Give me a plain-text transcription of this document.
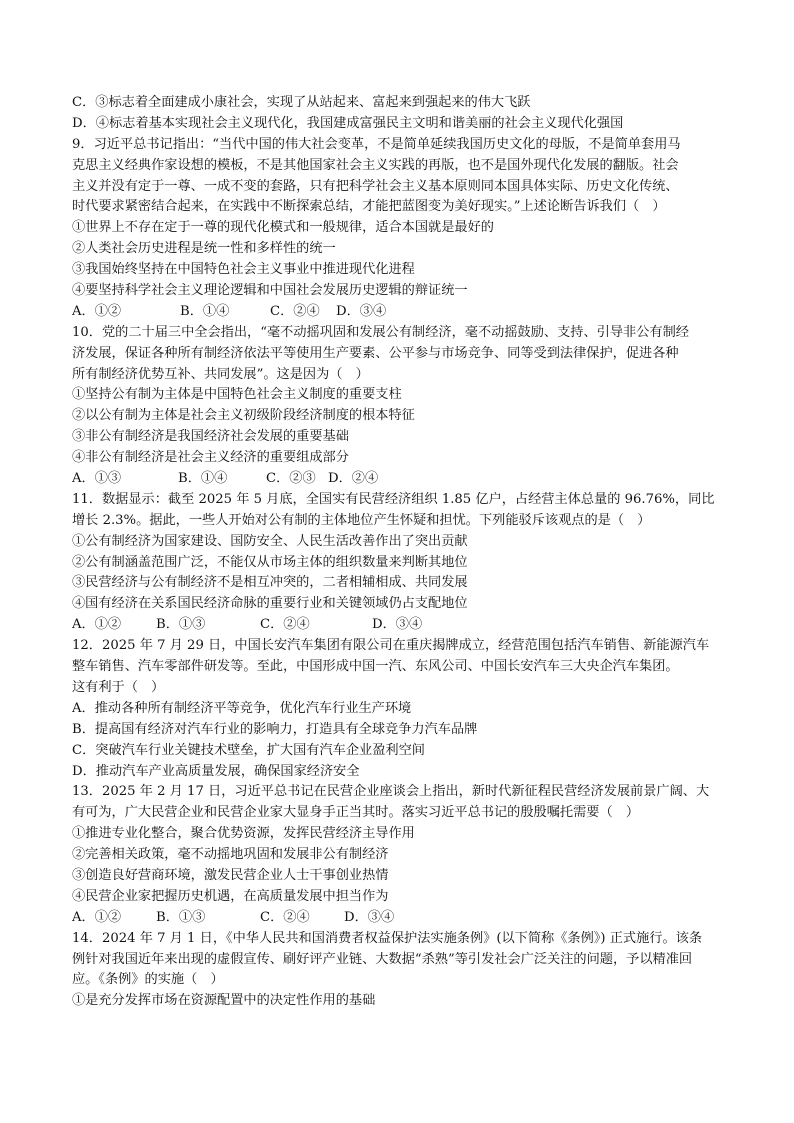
C．③标志着全面建成小康社会，实现了从站起来、富起来到强起来的伟大飞跃
D．④标志着基本实现社会主义现代化，我国建成富强民主文明和谐美丽的社会主义现代化强国
9．习近平总书记指出：“当代中国的伟大社会变革，不是简单延续我国历史文化的母版，不是简单套用马
克思主义经典作家设想的模板，不是其他国家社会主义实践的再版，也不是国外现代化发展的翻版。社会
主义并没有定于一尊、一成不变的套路，只有把科学社会主义基本原则同本国具体实际、历史文化传统、
时代要求紧密结合起来，在实践中不断探索总结，才能把蓝图变为美好现实。”上述论断告诉我们（　）
①世界上不存在定于一尊的现代化模式和一般规律，适合本国就是最好的
②人类社会历史进程是统一性和多样性的统一
③我国始终坚持在中国特色社会主义事业中推进现代化进程
④要坚持科学社会主义理论逻辑和中国社会发展历史逻辑的辩证统一
A．①②	B．①④	C．②④ D．③④
10．党的二十届三中全会指出，“毫不动摇巩固和发展公有制经济，毫不动摇鼓励、支持、引导非公有制经
济发展，保证各种所有制经济依法平等使用生产要素、公平参与市场竞争、同等受到法律保护，促进各种
所有制经济优势互补、共同发展”。这是因为（　）
①坚持公有制为主体是中国特色社会主义制度的重要支柱
②以公有制为主体是社会主义初级阶段经济制度的根本特征
③非公有制经济是我国经济社会发展的重要基础
④非公有制经济是社会主义经济的重要组成部分
A．①③	B．①④	C．②③ D．②④
11．数据显示：截至 2025 年 5 月底，全国实有民营经济组织 1.85 亿户，占经营主体总量的 96.76%，同比
增长 2.3%。据此，一些人开始对公有制的主体地位产生怀疑和担忧。下列能驳斥该观点的是（　）
①公有制经济为国家建设、国防安全、人民生活改善作出了突出贡献
②公有制涵盖范围广泛，不能仅从市场主体的组织数量来判断其地位
③民营经济与公有制经济不是相互冲突的，二者相辅相成、共同发展
④国有经济在关系国民经济命脉的重要行业和关键领域仍占支配地位
A．①②	B．①③	C．②④	D．③④
12．2025 年 7 月 29 日，中国长安汽车集团有限公司在重庆揭牌成立，经营范围包括汽车销售、新能源汽车
整车销售、汽车零部件研发等。至此，中国形成中国一汽、东风公司、中国长安汽车三大央企汽车集团。
这有利于（　）
A．推动各种所有制经济平等竞争，优化汽车行业生产环境
B．提高国有经济对汽车行业的影响力，打造具有全球竞争力汽车品牌
C．突破汽车行业关键技术壁垒，扩大国有汽车企业盈利空间
D．推动汽车产业高质量发展，确保国家经济安全
13．2025 年 2 月 17 日，习近平总书记在民营企业座谈会上指出，新时代新征程民营经济发展前景广阔、大
有可为，广大民营企业和民营企业家大显身手正当其时。落实习近平总书记的殷殷嘱托需要（　）
①推进专业化整合，聚合优势资源，发挥民营经济主导作用
②完善相关政策，毫不动摇地巩固和发展非公有制经济
③创造良好营商环境，激发民营企业人士干事创业热情
④民营企业家把握历史机遇，在高质量发展中担当作为
A．①②	B．①③	C．②④	D．③④
14．2024 年 7 月 1 日，《中华人民共和国消费者权益保护法实施条例》(以下简称《条例》) 正式施行。该条
例针对我国近年来出现的虚假宣传、刷好评产业链、大数据“杀熟”等引发社会广泛关注的问题，予以精准回
应。《条例》的实施（　）
①是充分发挥市场在资源配置中的决定性作用的基础
